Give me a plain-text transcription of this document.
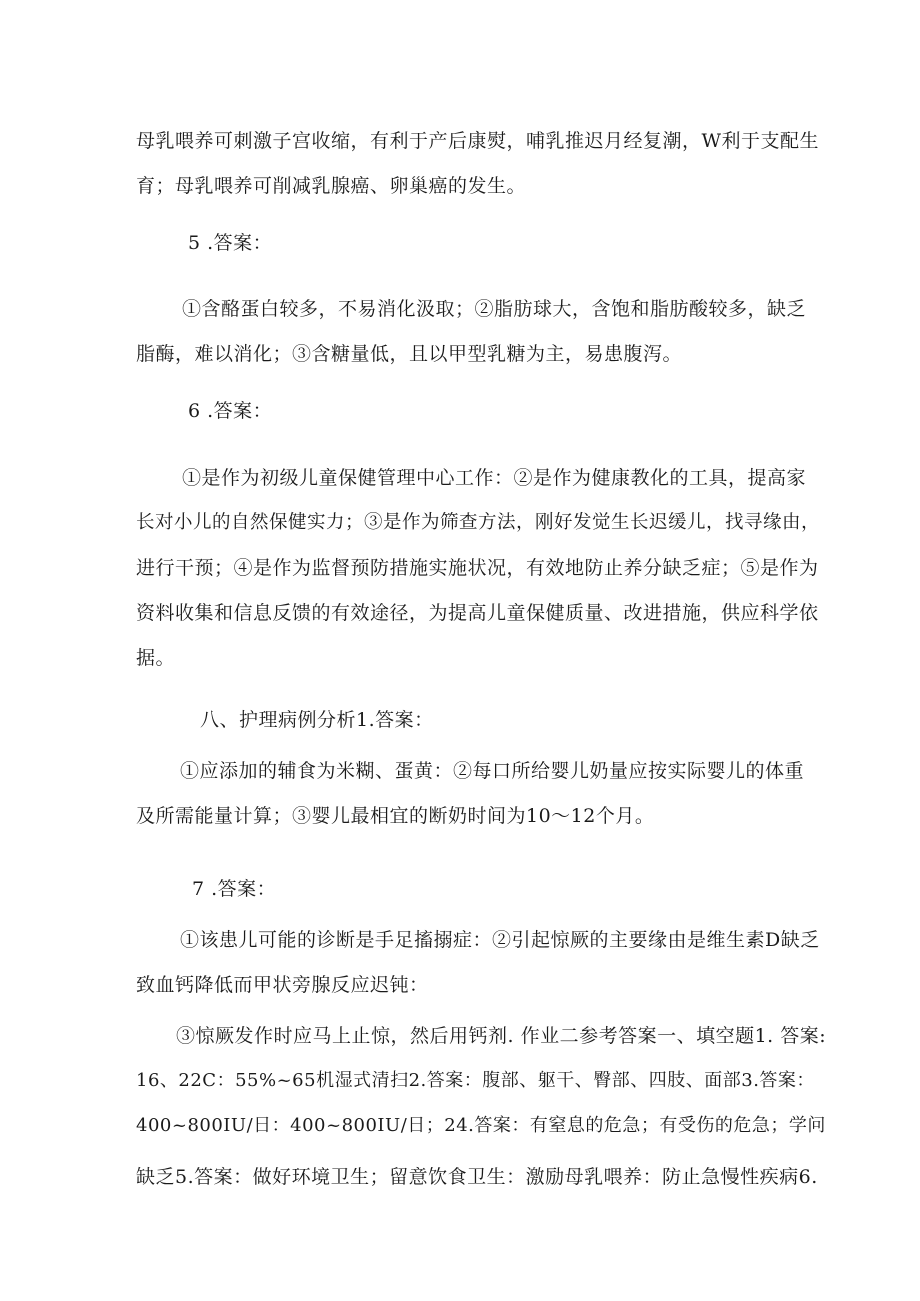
母乳喂养可刺激子宫收缩，有利于产后康熨，哺乳推迟月经复潮，W利于支配生
育；母乳喂养可削减乳腺癌、卵巢癌的发生。
5 .答案：
①含酪蛋白较多，不易消化汲取；②脂肪球大，含饱和脂肪酸较多，缺乏
脂酶，难以消化；③含糖量低，且以甲型乳糖为主，易患腹泻。
6 .答案：
①是作为初级儿童保健管理中心工作：②是作为健康教化的工具，提高家
长对小儿的自然保健实力；③是作为筛查方法，刚好发觉生长迟缓儿，找寻缘由，
进行干预；④是作为监督预防措施实施状况，有效地防止养分缺乏症；⑤是作为
资料收集和信息反馈的有效途径，为提高儿童保健质量、改进措施，供应科学依
据。
八、护理病例分析1.答案：
①应添加的辅食为米糊、蛋黄：②每口所给婴儿奶量应按实际婴儿的体重
及所需能量计算；③婴儿最相宜的断奶时间为10〜12个月。
7 .答案：
①该患儿可能的诊断是手足搐搦症：②引起惊厥的主要缘由是维生素D缺乏
致血钙降低而甲状旁腺反应迟钝：
③惊厥发作时应马上止惊，然后用钙剂. 作业二参考答案一、填空题1. 答案:
16、22C：55%~65机湿式清扫2.答案：腹部、躯干、臀部、四肢、面部3.答案：
400~800IU/日：400~800IU/日；24.答案：有窒息的危急；有受伤的危急；学问
缺乏5.答案：做好环境卫生；留意饮食卫生：激励母乳喂养：防止急慢性疾病6.
